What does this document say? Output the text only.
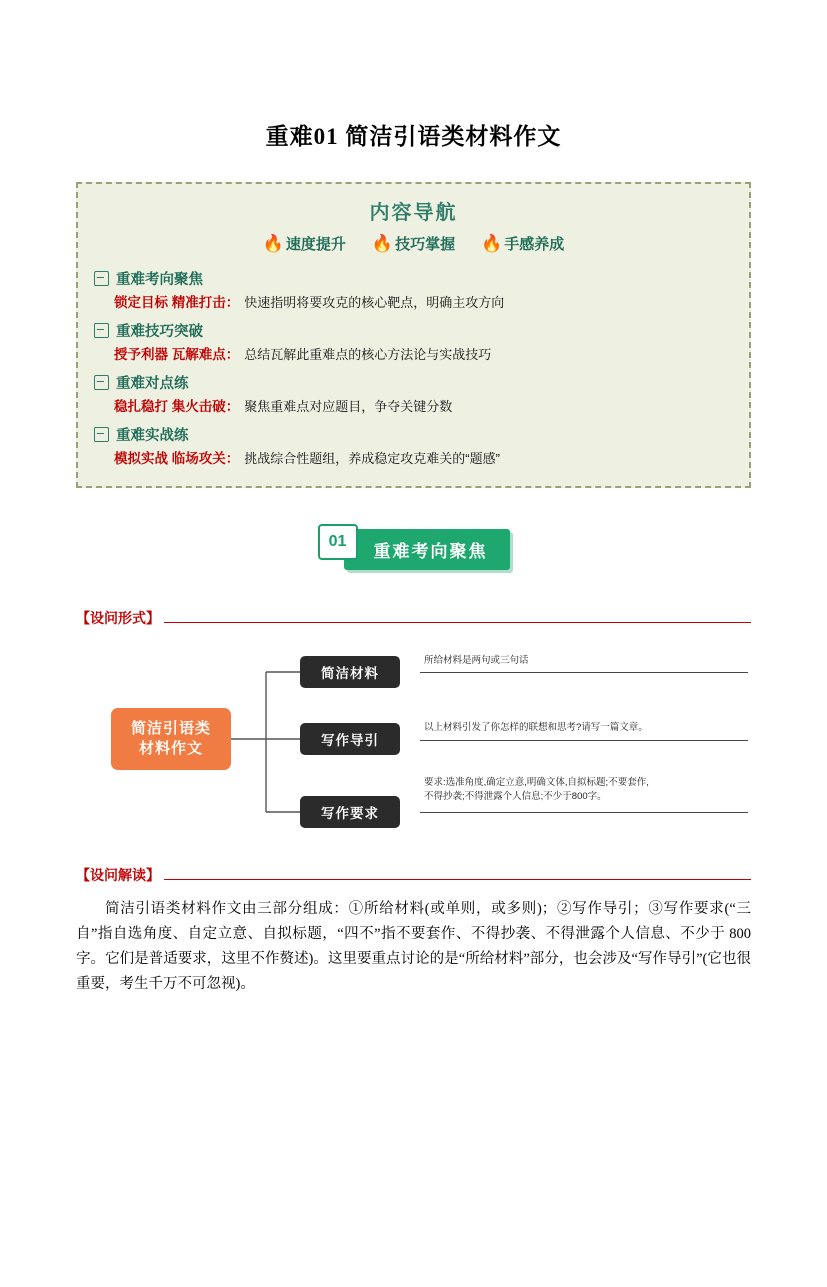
重难01 简洁引语类材料作文
内容导航
🔥 速度提升 🔥 技巧掌握 🔥 手感养成
重难考向聚焦
锁定目标 精准打击： 快速指明将要攻克的核心靶点，明确主攻方向
重难技巧突破
授予利器 瓦解难点： 总结瓦解此重难点的核心方法论与实战技巧
重难对点练
稳扎稳打 集火击破： 聚焦重难点对应题目，争夺关键分数
重难实战练
模拟实战 临场攻关： 挑战综合性题组，养成稳定攻克难关的“题感”
01	重难考向聚焦
【设问形式】
简洁引语类
材料作文
简洁材料
写作导引
写作要求
所给材料是两句或三句话
以上材料引发了你怎样的联想和思考?请写一篇文章。
要求:选准角度,确定立意,明确文体,自拟标题;不要套作,
不得抄袭;不得泄露个人信息;不少于800字。
【设问解读】

简洁引语类材料作文由三部分组成：①所给材料(或单则，或多则)；②写作导引；③写作要求(“三自”指自选角度、自定立意、自拟标题，“四不”指不要套作、不得抄袭、不得泄露个人信息、不少于 800 字。它们是普适要求，这里不作赘述)。这里要重点讨论的是“所给材料”部分，也会涉及“写作导引”(它也很重要，考生千万不可忽视)。
